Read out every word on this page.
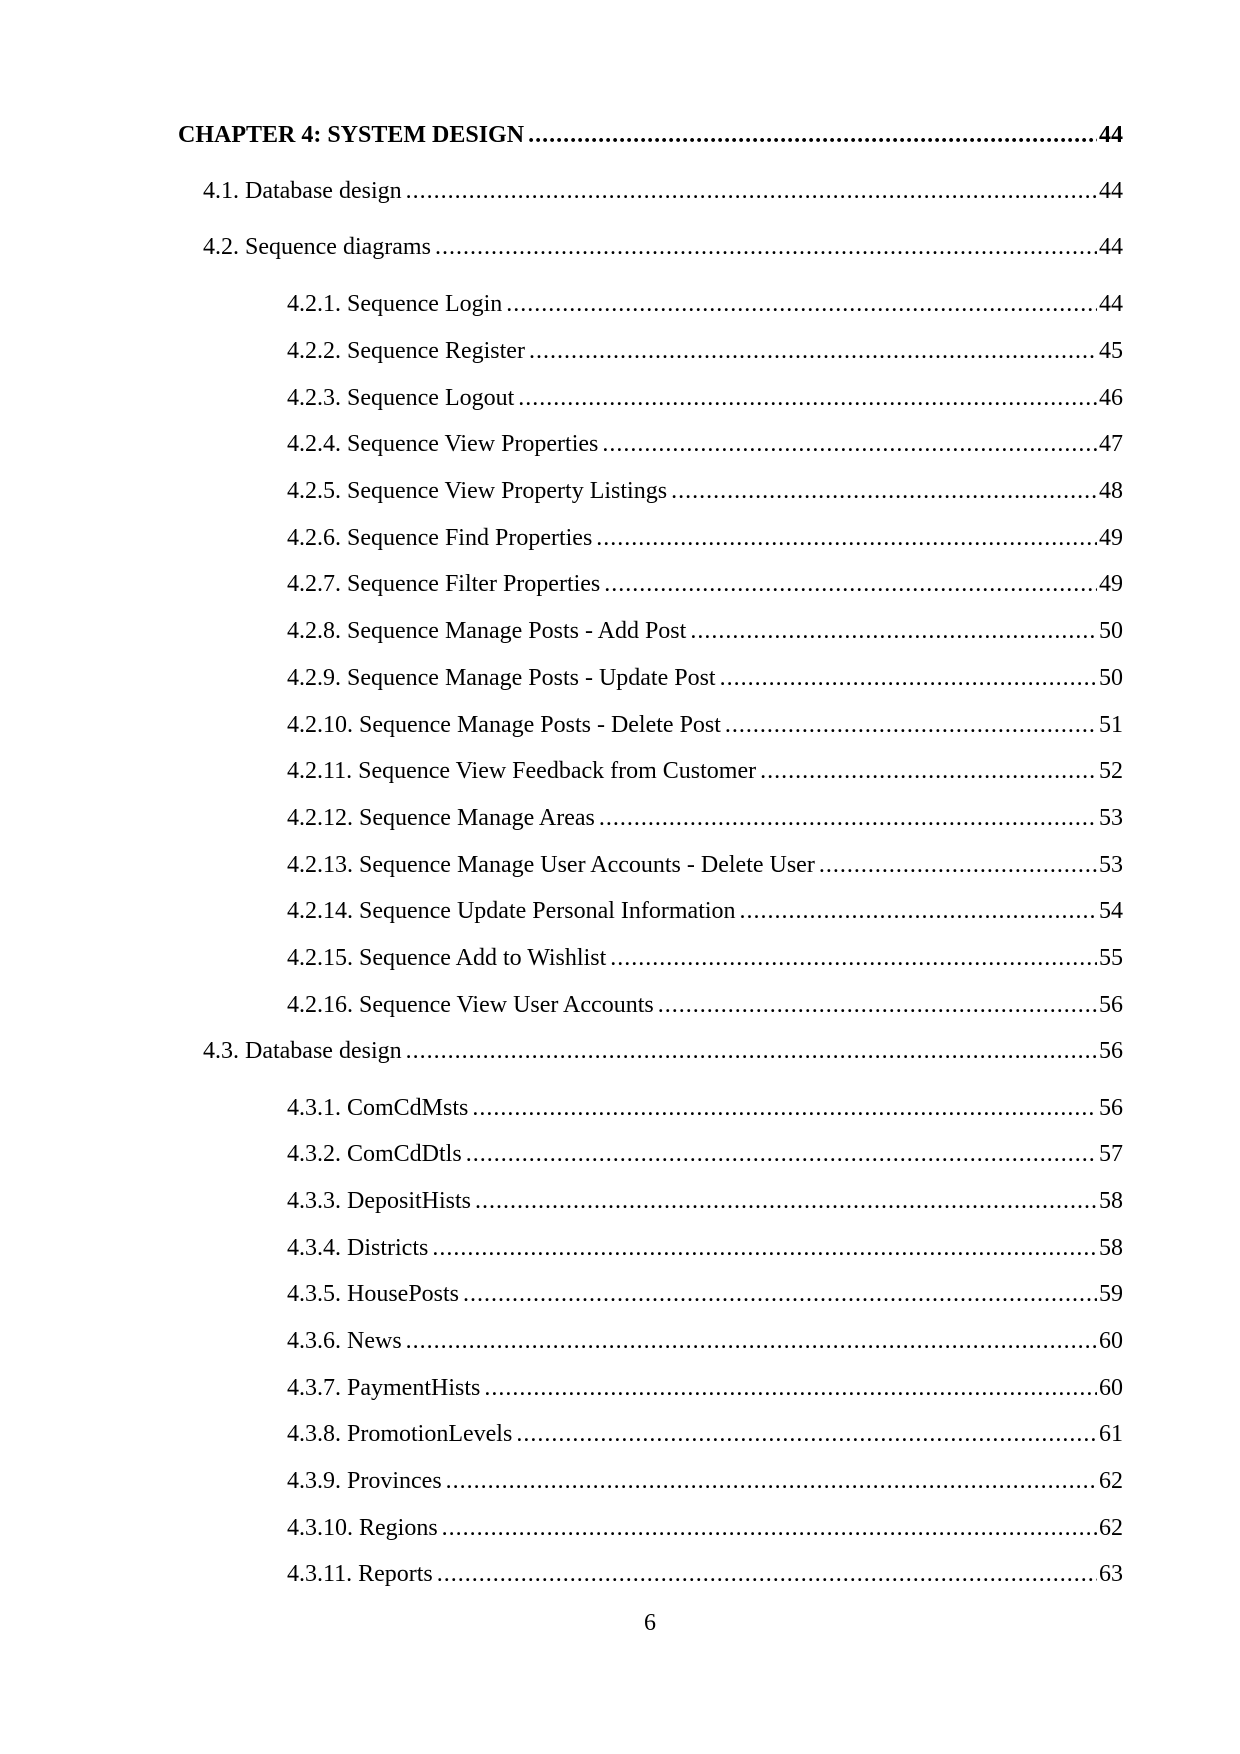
CHAPTER 4: SYSTEM DESIGN .....	44
4.1. Database design .....	44
4.2. Sequence diagrams .....	44
4.2.1. Sequence Login .....	44
4.2.2. Sequence Register .....	45
4.2.3. Sequence Logout .....	46
4.2.4. Sequence View Properties .....	47
4.2.5. Sequence View Property Listings .....	48
4.2.6. Sequence Find Properties .....	49
4.2.7. Sequence Filter Properties .....	49
4.2.8. Sequence Manage Posts - Add Post .....	50
4.2.9. Sequence Manage Posts - Update Post .....	50
4.2.10. Sequence Manage Posts - Delete Post .....	51
4.2.11. Sequence View Feedback from Customer .....	52
4.2.12. Sequence Manage Areas .....	53
4.2.13. Sequence Manage User Accounts - Delete User .....	53
4.2.14. Sequence Update Personal Information .....	54
4.2.15. Sequence Add to Wishlist .....	55
4.2.16. Sequence View User Accounts .....	56
4.3. Database design .....	56
4.3.1. ComCdMsts .....	56
4.3.2. ComCdDtls .....	57
4.3.3. DepositHists .....	58
4.3.4. Districts .....	58
4.3.5. HousePosts .....	59
4.3.6. News .....	60
4.3.7. PaymentHists .....	60
4.3.8. PromotionLevels .....	61
4.3.9. Provinces .....	62
4.3.10. Regions .....	62
4.3.11. Reports .....	63
6
